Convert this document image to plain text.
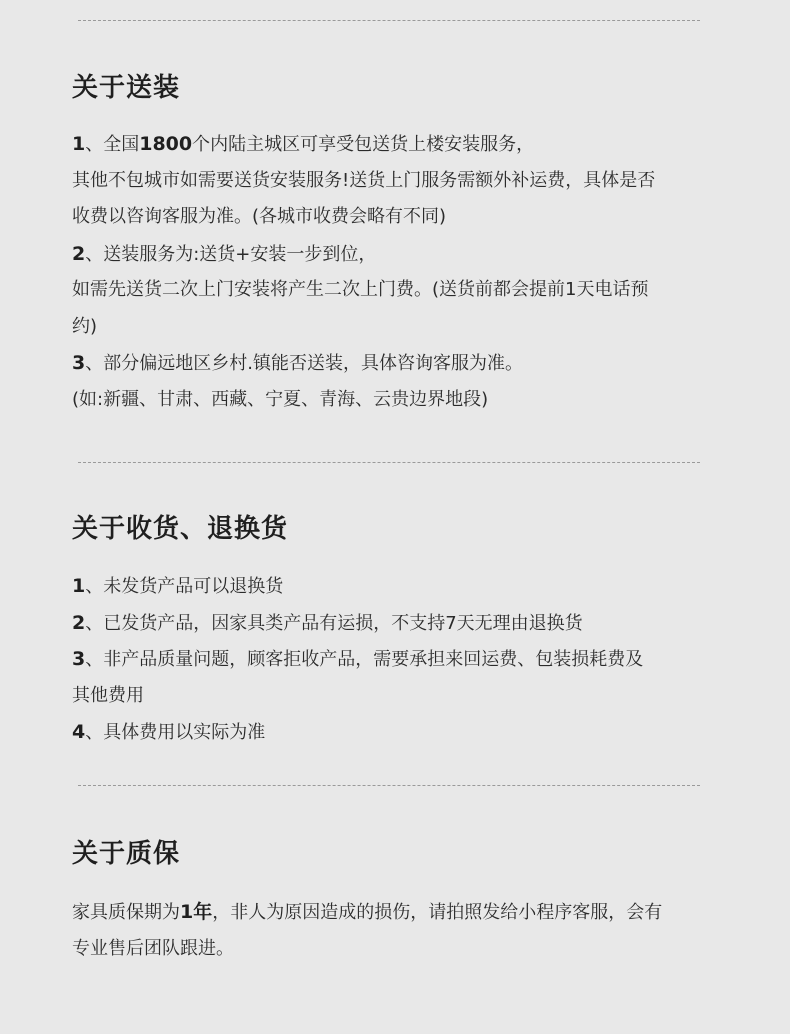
关于送装
1、全国1800个内陆主城区可享受包送货上楼安装服务，
其他不包城市如需要送货安装服务!送货上门服务需额外补运费，具体是否
收费以咨询客服为准。(各城市收费会略有不同)
2、送装服务为:送货+安装一步到位，
如需先送货二次上门安装将产生二次上门费。(送货前都会提前1天电话预
约)
3、部分偏远地区乡村.镇能否送装，具体咨询客服为准。
(如:新疆、甘肃、西藏、宁夏、青海、云贵边界地段)
关于收货、退换货
1、未发货产品可以退换货
2、已发货产品，因家具类产品有运损，不支持7天无理由退换货
3、非产品质量问题，顾客拒收产品，需要承担来回运费、包装损耗费及
其他费用
4、具体费用以实际为准
关于质保
家具质保期为1年，非人为原因造成的损伤，请拍照发给小程序客服，会有
专业售后团队跟进。
